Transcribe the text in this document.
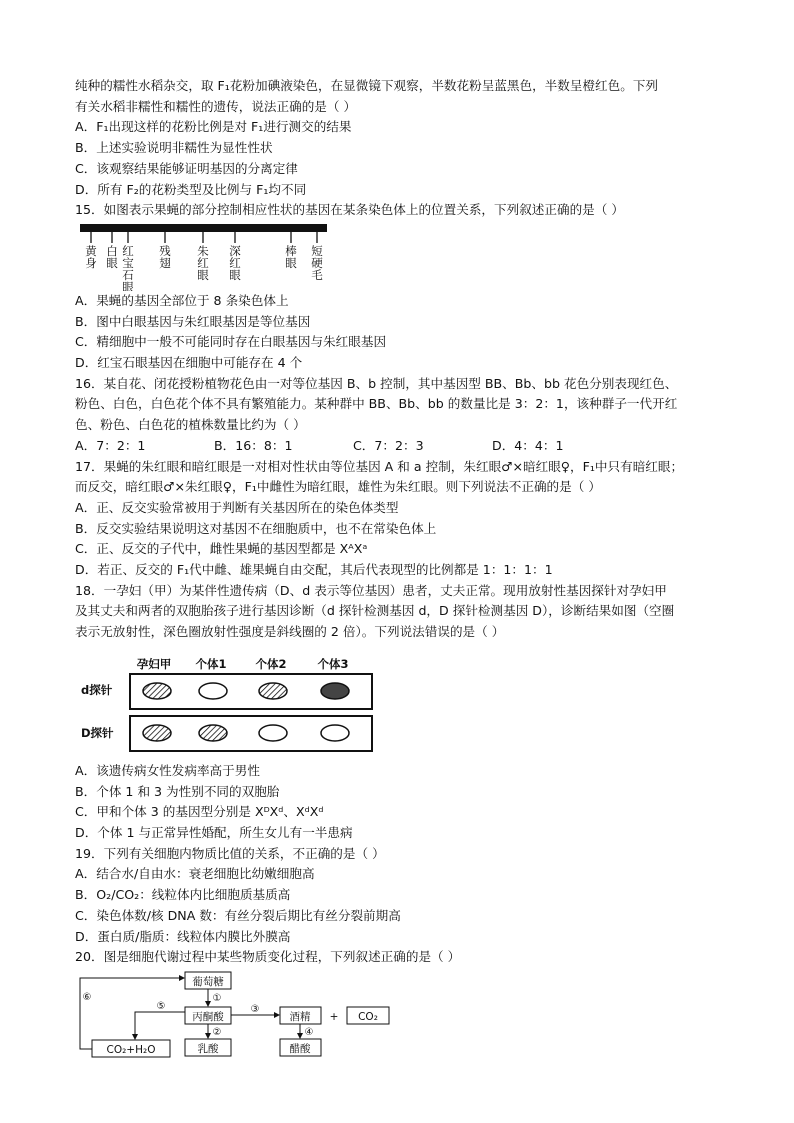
纯种的糯性水稻杂交，取 F₁花粉加碘液染色，在显微镜下观察，半数花粉呈蓝黑色，半数呈橙红色。下列
有关水稻非糯性和糯性的遗传，说法正确的是（ ）
A．F₁出现这样的花粉比例是对 F₁进行测交的结果
B．上述实验说明非糯性为显性性状
C．该观察结果能够证明基因的分离定律
D．所有 F₂的花粉类型及比例与 F₁均不同
15．如图表示果蝇的部分控制相应性状的基因在某条染色体上的位置关系，下列叙述正确的是（ ）
黄身
白眼
红宝石眼
残翅
朱红眼
深红眼
棒眼
短硬毛
A．果蝇的基因全部位于 8 条染色体上
B．图中白眼基因与朱红眼基因是等位基因
C．精细胞中一般不可能同时存在白眼基因与朱红眼基因
D．红宝石眼基因在细胞中可能存在 4 个
16．某自花、闭花授粉植物花色由一对等位基因 B、b 控制，其中基因型 BB、Bb、bb 花色分别表现红色、
粉色、白色，白色花个体不具有繁殖能力。某种群中 BB、Bb、bb 的数量比是 3：2：1，该种群子一代开红
色、粉色、白色花的植株数量比约为（ ）
A．7：2：1	B．16：8：1	C．7：2：3	D．4：4：1
17．果蝇的朱红眼和暗红眼是一对相对性状由等位基因 A 和 a 控制，朱红眼♂×暗红眼♀，F₁中只有暗红眼；
而反交，暗红眼♂×朱红眼♀，F₁中雌性为暗红眼，雄性为朱红眼。则下列说法不正确的是（ ）
A．正、反交实验常被用于判断有关基因所在的染色体类型
B．反交实验结果说明这对基因不在细胞质中，也不在常染色体上
C．正、反交的子代中，雌性果蝇的基因型都是 XᴬXᵃ
D．若正、反交的 F₁代中雌、雄果蝇自由交配，其后代表现型的比例都是 1：1：1：1
18．一孕妇（甲）为某伴性遗传病（D、d 表示等位基因）患者，丈夫正常。现用放射性基因探针对孕妇甲
及其丈夫和两者的双胞胎孩子进行基因诊断（d 探针检测基因 d，D 探针检测基因 D），诊断结果如图（空圈
表示无放射性，深色圈放射性强度是斜线圈的 2 倍）。下列说法错误的是（ ）
孕妇甲 个体1	个体2	个体3
d探针
D探针
A．该遗传病女性发病率高于男性
B．个体 1 和 3 为性别不同的双胞胎
C．甲和个体 3 的基因型分别是 XᴰXᵈ、XᵈXᵈ
D．个体 1 与正常异性婚配，所生女儿有一半患病
19．下列有关细胞内物质比值的关系，不正确的是（ ）
A．结合水/自由水：衰老细胞比幼嫩细胞高
B．O₂/CO₂：线粒体内比细胞质基质高
C．染色体数/核 DNA 数：有丝分裂后期比有丝分裂前期高
D．蛋白质/脂质：线粒体内膜比外膜高
20．图是细胞代谢过程中某些物质变化过程，下列叙述正确的是（ ）
葡萄糖
丙酮酸	酒精	CO₂
乳酸	醋酸
CO₂+H₂O
+
①
②
③
④
⑤
⑥
